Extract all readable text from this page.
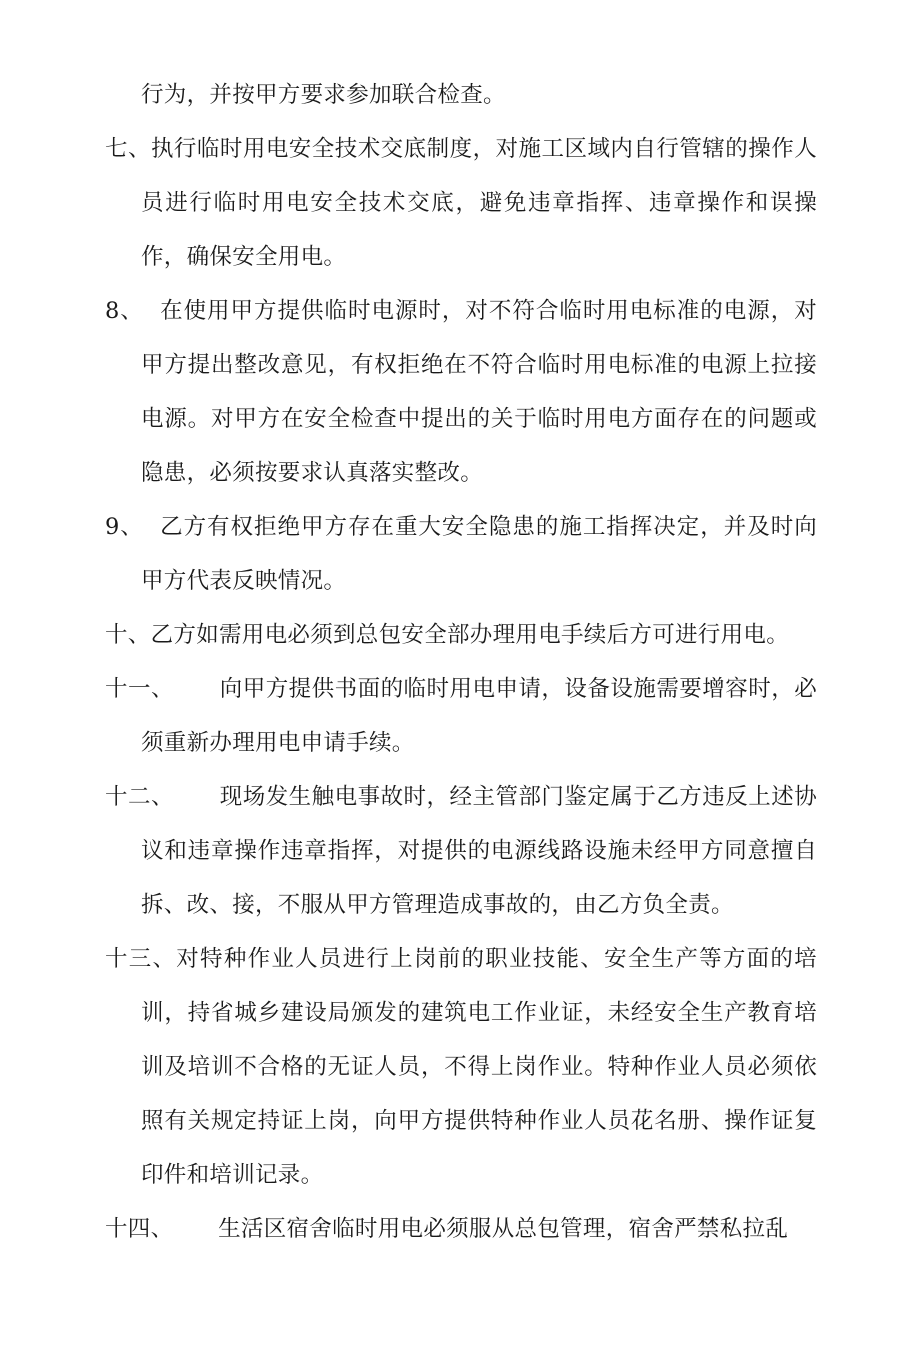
行为，并按甲方要求参加联合检查。

七、执行临时用电安全技术交底制度，对施工区域内自行管辖的操作人员进行临时用电安全技术交底，避免违章指挥、违章操作和误操作，确保安全用电。

8、 在使用甲方提供临时电源时，对不符合临时用电标准的电源，对甲方提出整改意见，有权拒绝在不符合临时用电标准的电源上拉接电源。对甲方在安全检查中提出的关于临时用电方面存在的问题或隐患，必须按要求认真落实整改。

9、 乙方有权拒绝甲方存在重大安全隐患的施工指挥决定，并及时向甲方代表反映情况。

十、乙方如需用电必须到总包安全部办理用电手续后方可进行用电。

十一、 向甲方提供书面的临时用电申请，设备设施需要增容时，必须重新办理用电申请手续。

十二、 现场发生触电事故时，经主管部门鉴定属于乙方违反上述协议和违章操作违章指挥，对提供的电源线路设施未经甲方同意擅自拆、改、接，不服从甲方管理造成事故的，由乙方负全责。

十三、对特种作业人员进行上岗前的职业技能、安全生产等方面的培训，持省城乡建设局颁发的建筑电工作业证，未经安全生产教育培训及培训不合格的无证人员，不得上岗作业。特种作业人员必须依照有关规定持证上岗，向甲方提供特种作业人员花名册、操作证复印件和培训记录。

十四、 生活区宿舍临时用电必须服从总包管理，宿舍严禁私拉乱
